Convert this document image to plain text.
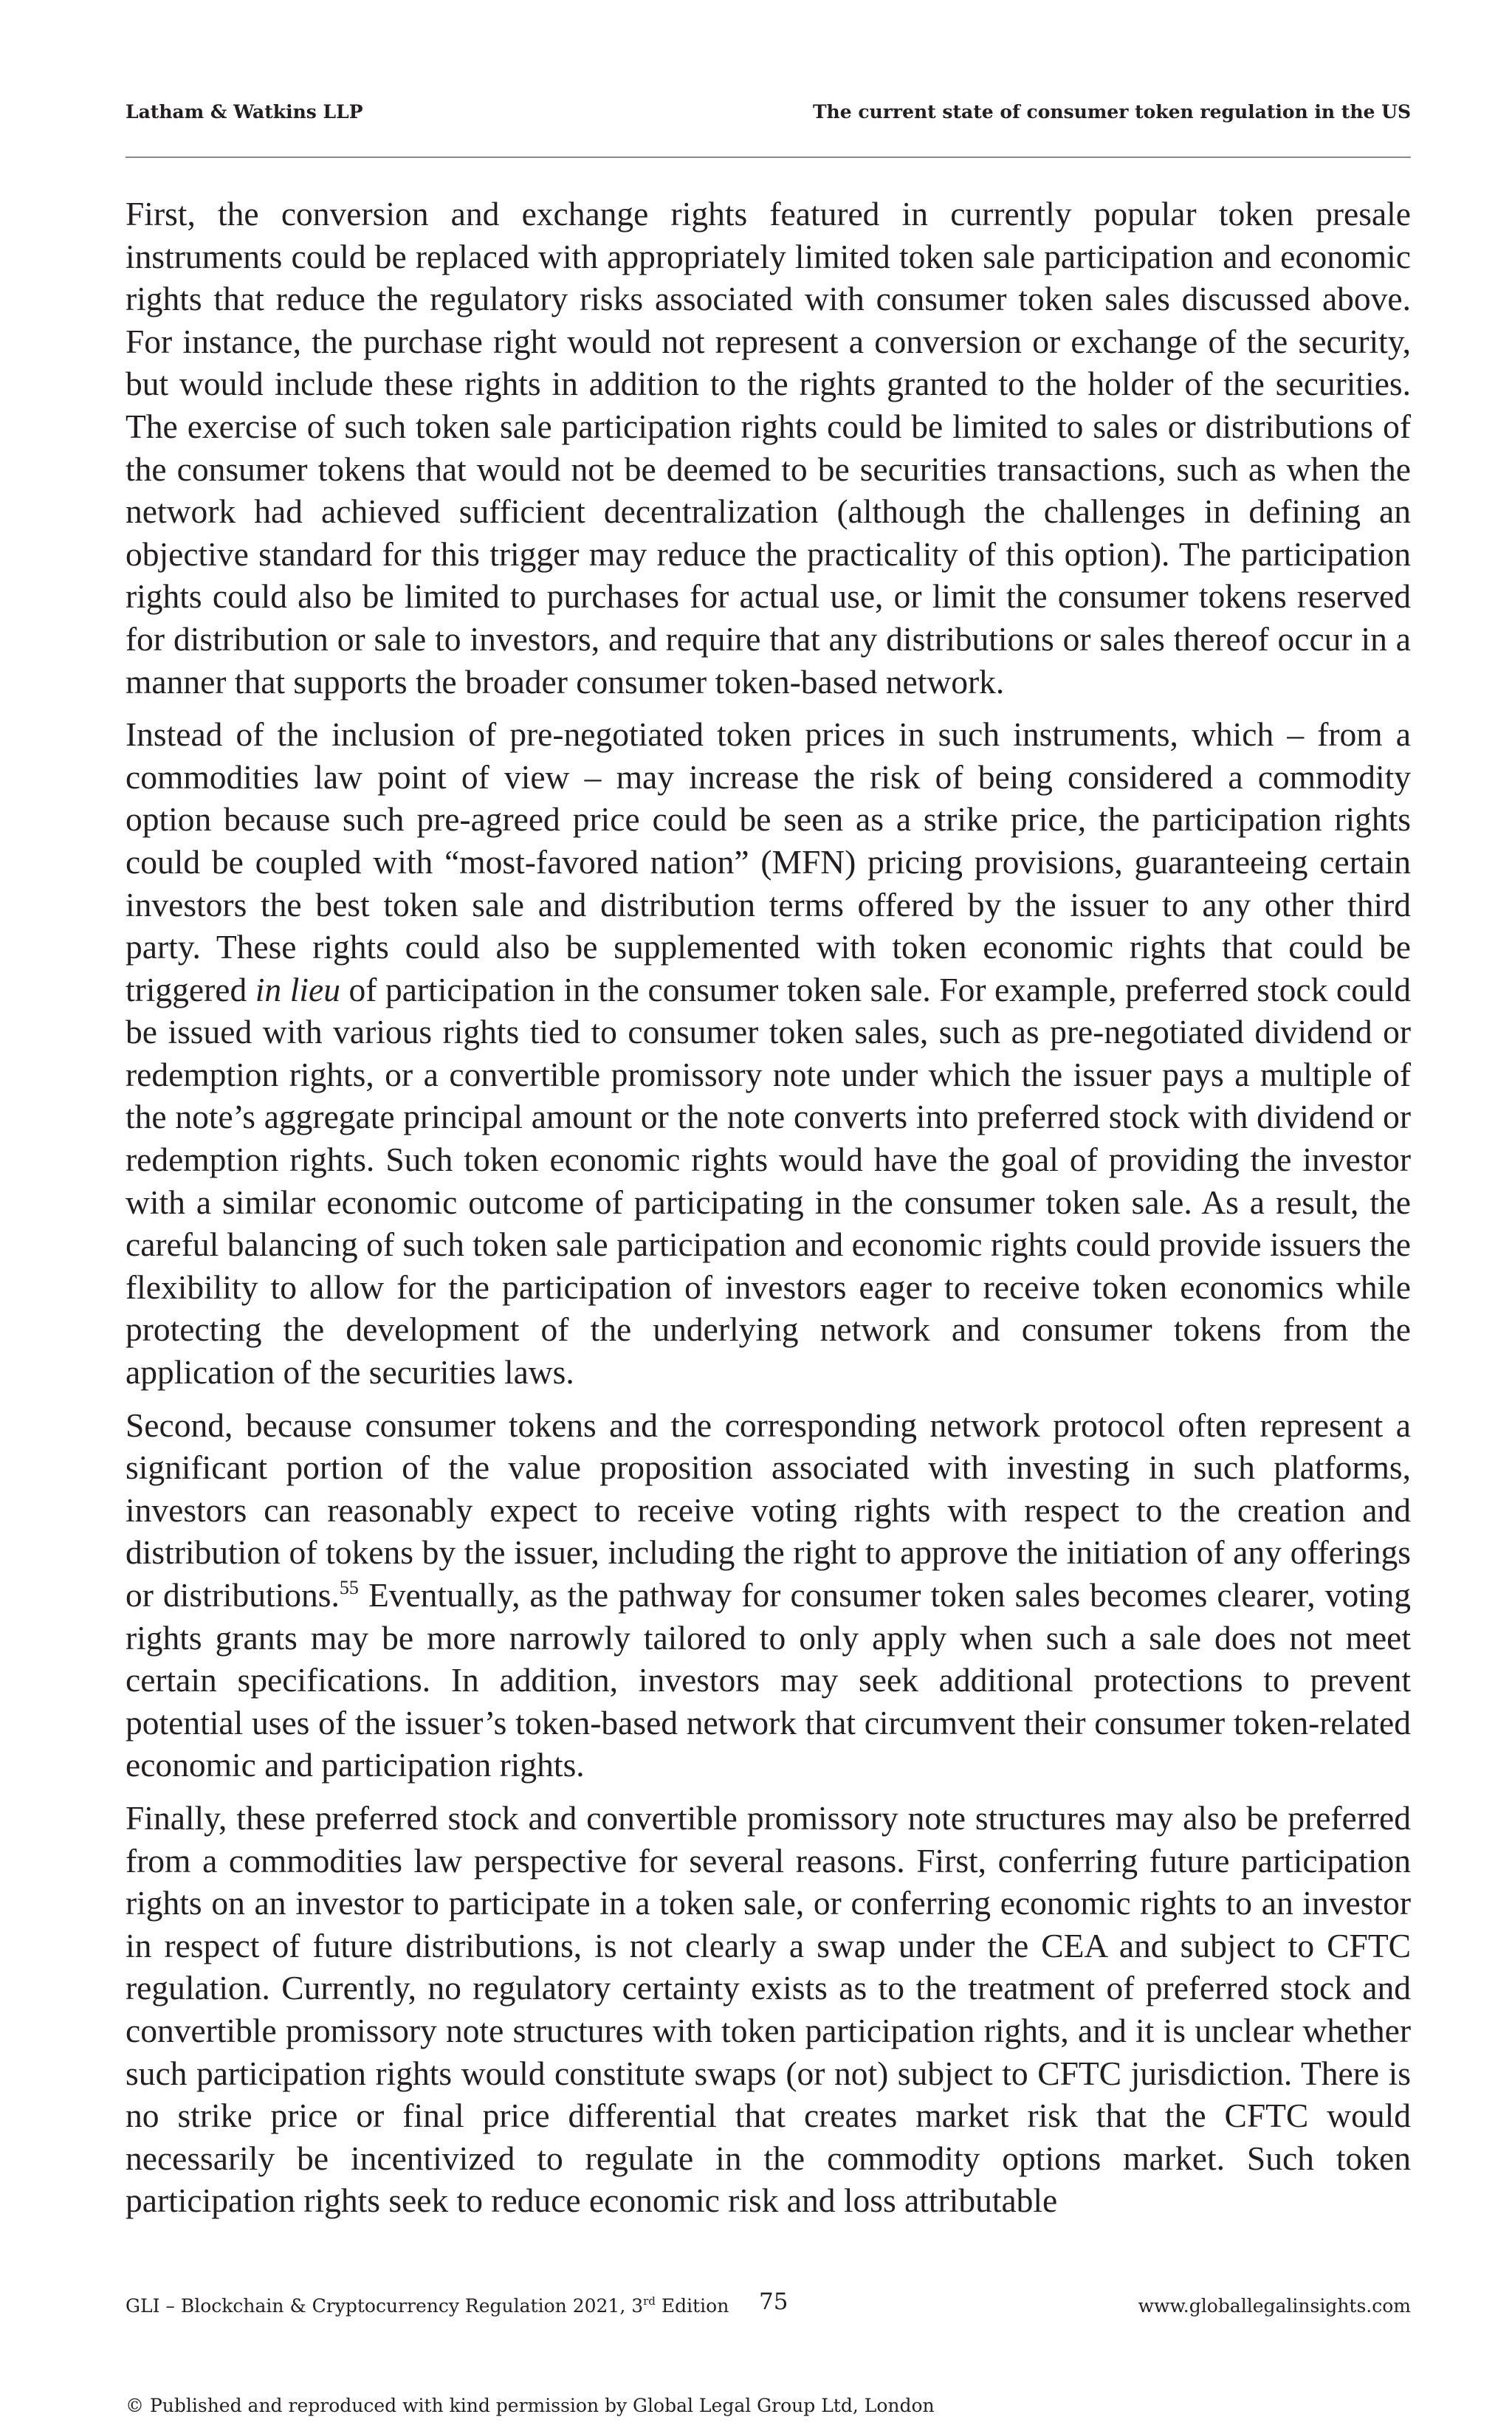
Latham & Watkins LLP	The current state of consumer token regulation in the US

First, the conversion and exchange rights featured in currently popular token presale instruments could be replaced with appropriately limited token sale participation and economic rights that reduce the regulatory risks associated with consumer token sales discussed above. For instance, the purchase right would not represent a conversion or exchange of the security, but would include these rights in addition to the rights granted to the holder of the securities. The exercise of such token sale participation rights could be limited to sales or distributions of the consumer tokens that would not be deemed to be securities transactions, such as when the network had achieved sufficient decentralization (although the challenges in defining an objective standard for this trigger may reduce the practicality of this option). The participation rights could also be limited to purchases for actual use, or limit the consumer tokens reserved for distribution or sale to investors, and require that any distributions or sales thereof occur in a manner that supports the broader consumer token-based network.

Instead of the inclusion of pre-negotiated token prices in such instruments, which – from a commodities law point of view – may increase the risk of being considered a commodity option because such pre-agreed price could be seen as a strike price, the participation rights could be coupled with “most-favored nation” (MFN) pricing provisions, guaranteeing certain investors the best token sale and distribution terms offered by the issuer to any other third party. These rights could also be supplemented with token economic rights that could be triggered in lieu of participation in the consumer token sale. For example, preferred stock could be issued with various rights tied to consumer token sales, such as pre-negotiated dividend or redemption rights, or a convertible promissory note under which the issuer pays a multiple of the note’s aggregate principal amount or the note converts into preferred stock with dividend or redemption rights. Such token economic rights would have the goal of providing the investor with a similar economic outcome of participating in the consumer token sale. As a result, the careful balancing of such token sale participation and economic rights could provide issuers the flexibility to allow for the participation of investors eager to receive token economics while protecting the development of the underlying network and consumer tokens from the application of the securities laws.

Second, because consumer tokens and the corresponding network protocol often represent a significant portion of the value proposition associated with investing in such platforms, investors can reasonably expect to receive voting rights with respect to the creation and distribution of tokens by the issuer, including the right to approve the initiation of any offerings or distributions.$^{55}$ Eventually, as the pathway for consumer token sales becomes clearer, voting rights grants may be more narrowly tailored to only apply when such a sale does not meet certain specifications. In addition, investors may seek additional protections to prevent potential uses of the issuer’s token-based network that circumvent their consumer token-related economic and participation rights.

Finally, these preferred stock and convertible promissory note structures may also be preferred from a commodities law perspective for several reasons. First, conferring future participation rights on an investor to participate in a token sale, or conferring economic rights to an investor in respect of future distributions, is not clearly a swap under the CEA and subject to CFTC regulation. Currently, no regulatory certainty exists as to the treatment of preferred stock and convertible promissory note structures with token participation rights, and it is unclear whether such participation rights would constitute swaps (or not) subject to CFTC jurisdiction. There is no strike price or final price differential that creates market risk that the CFTC would necessarily be incentivized to regulate in the commodity options market. Such token participation rights seek to reduce economic risk and loss attributable

GLI – Blockchain & Cryptocurrency Regulation 2021, 3rd Edition 75	www.globallegalinsights.com
© Published and reproduced with kind permission by Global Legal Group Ltd, London
